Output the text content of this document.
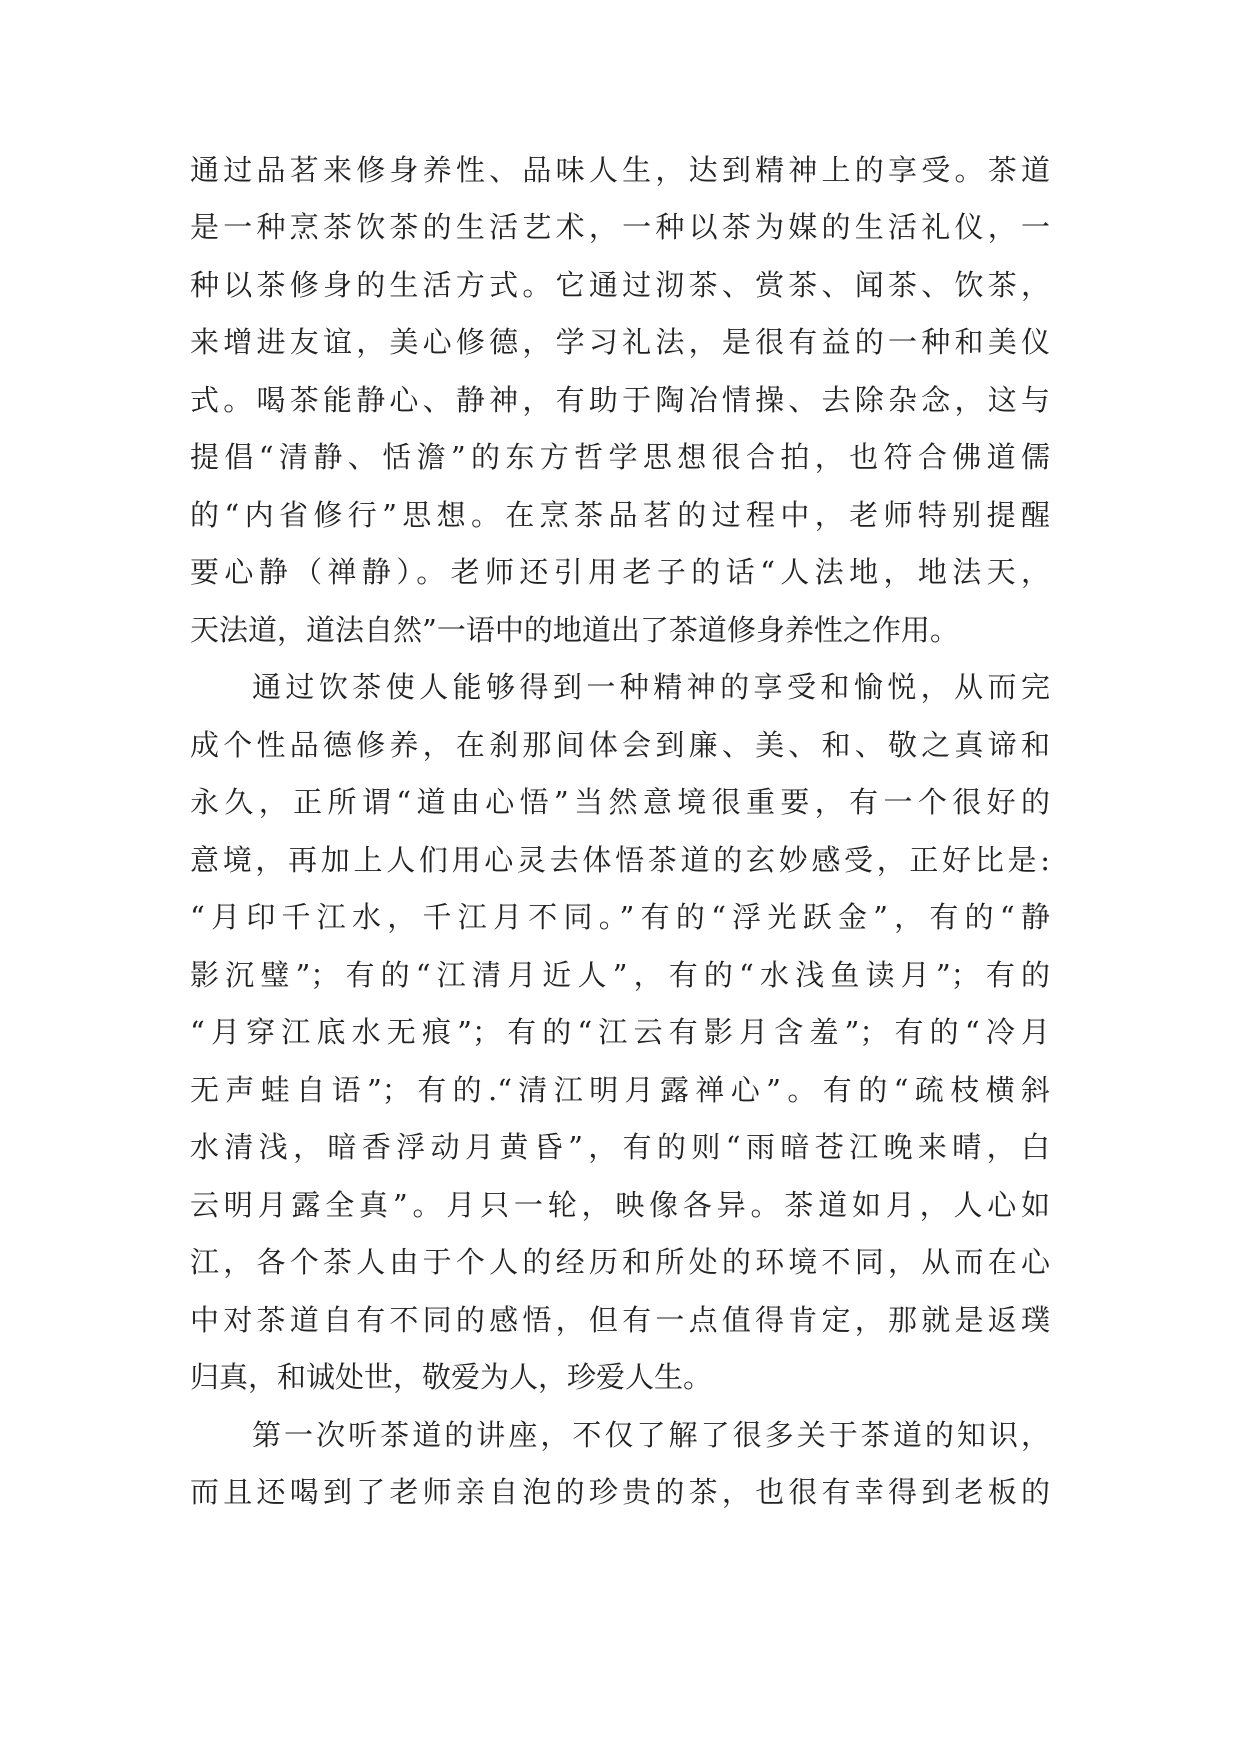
通过品茗来修身养性、品味人生，达到精神上的享受。茶道
是一种烹茶饮茶的生活艺术，一种以茶为媒的生活礼仪，一
种以茶修身的生活方式。它通过沏茶、赏茶、闻茶、饮茶，
来增进友谊，美心修德，学习礼法，是很有益的一种和美仪
式。喝茶能静心、静神，有助于陶冶情操、去除杂念，这与
提倡“清静、恬澹”的东方哲学思想很合拍，也符合佛道儒
的“内省修行”思想。在烹茶品茗的过程中，老师特别提醒
要心静（禅静）。老师还引用老子的话“人法地，地法天，
天法道，道法自然”一语中的地道出了茶道修身养性之作用。
通过饮茶使人能够得到一种精神的享受和愉悦，从而完
成个性品德修养，在刹那间体会到廉、美、和、敬之真谛和
永久，正所谓“道由心悟”当然意境很重要，有一个很好的
意境，再加上人们用心灵去体悟茶道的玄妙感受，正好比是:
“月印千江水，千江月不同。”有的“浮光跃金”，有的“静
影沉璧”；有的“江清月近人”，有的“水浅鱼读月”；有的
“月穿江底水无痕”；有的“江云有影月含羞”；有的“冷月
无声蛙自语”；有的.“清江明月露禅心”。有的“疏枝横斜
水清浅，暗香浮动月黄昏”，有的则“雨暗苍江晚来晴，白
云明月露全真”。月只一轮，映像各异。茶道如月，人心如
江，各个茶人由于个人的经历和所处的环境不同，从而在心
中对茶道自有不同的感悟，但有一点值得肯定，那就是返璞
归真，和诚处世，敬爱为人，珍爱人生。
第一次听茶道的讲座，不仅了解了很多关于茶道的知识，
而且还喝到了老师亲自泡的珍贵的茶，也很有幸得到老板的
